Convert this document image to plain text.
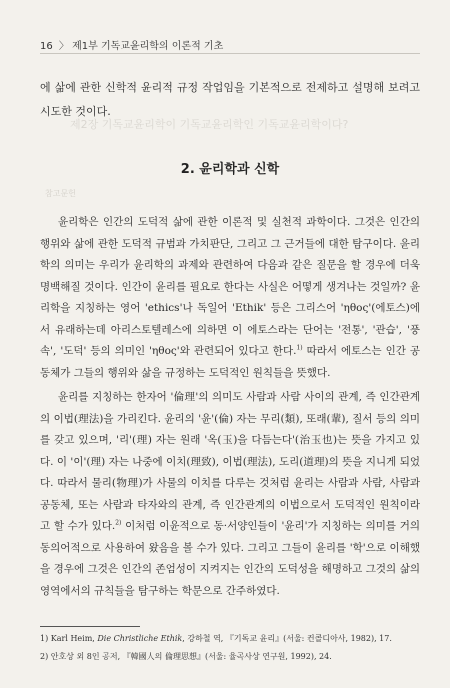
16 〉 제1부 기독교윤리학의 이론적 기초

에 삶에 관한 신학적 윤리적 규정 작업임을 기본적으로 전제하고 설명해 보려고 시도한 것이다.

제2장 기독교윤리학이 기독교윤리학인 기독교윤리학이다?
2. 윤리학과 신학
참고문헌

윤리학은 인간의 도덕적 삶에 관한 이론적 및 실천적 과학이다. 그것은 인간의 행위와 삶에 관한 도덕적 규범과 가치판단, 그리고 그 근거들에 대한 탐구이다. 윤리학의 의미는 우리가 윤리학의 과제와 관련하여 다음과 같은 질문을 할 경우에 더욱 명백해질 것이다. 인간이 윤리를 필요로 한다는 사실은 어떻게 생겨나는 것일까? 윤리학을 지칭하는 영어 'ethics'나 독일어 'Ethik' 등은 그리스어 'ηθος'(에토스)에서 유래하는데 아리스토텔레스에 의하면 이 에토스라는 단어는 '전통', '관습', '풍속', '도덕' 등의 의미인 'ηθος'와 관련되어 있다고 한다.$^{1)}$ 따라서 에토스는 인간 공동체가 그들의 행위와 삶을 규정하는 도덕적인 원칙들을 뜻했다.

윤리를 지칭하는 한자어 '倫理'의 의미도 사람과 사람 사이의 관계, 즉 인간관계의 이법(理法)을 가리킨다. 윤리의 '윤'(倫) 자는 무리(類), 또래(輩), 질서 등의 의미를 갖고 있으며, '리'(理) 자는 원래 '옥(玉)을 다듬는다'(治玉也)는 뜻을 가지고 있다. 이 '이'(理) 자는 나중에 이치(理致), 이법(理法), 도리(道理)의 뜻을 지니게 되었다. 따라서 물리(物理)가 사물의 이치를 다루는 것처럼 윤리는 사람과 사람, 사람과 공동체, 또는 사람과 타자와의 관계, 즉 인간관계의 이법으로서 도덕적인 원칙이라고 할 수가 있다.$^{2)}$ 이처럼 이윤적으로 동·서양인들이 '윤리'가 지칭하는 의미를 거의 동의어적으로 사용하여 왔음을 볼 수가 있다. 그리고 그들이 윤리를 '학'으로 이해했을 경우에 그것은 인간의 존엄성이 지켜지는 인간의 도덕성을 해명하고 그것의 삶의 영역에서의 규칙들을 탐구하는 학문으로 간주하였다.

1) Karl Heim, Die Christliche Ethik, 강하철 역, 『기독교 윤리』(서울: 컨콜디아사, 1982), 17.
2) 안호상 외 8인 공저, 『韓國人의 倫理思想』(서울: 율곡사상 연구원, 1992), 24.
